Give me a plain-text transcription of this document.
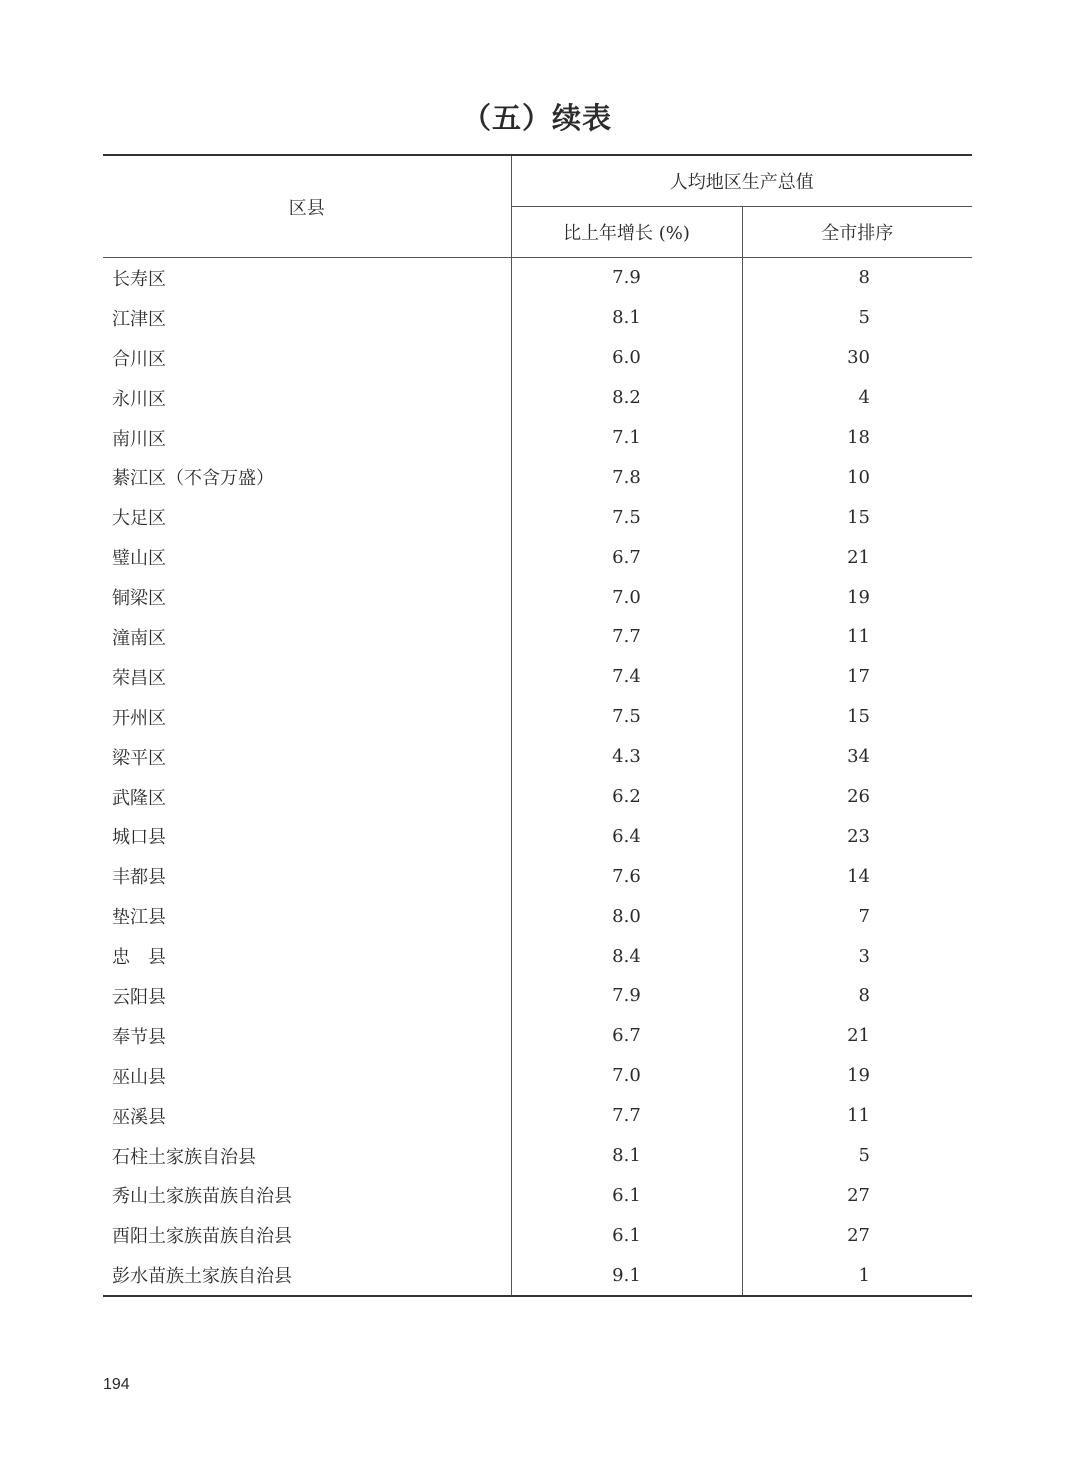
（五）续表
区县	人均地区生产总值	
	比上年增长 (%)	全市排序
长寿区	7.9	8
江津区	8.1	5
合川区	6.0	30
永川区	8.2	4
南川区	7.1	18
綦江区（不含万盛）	7.8	10
大足区	7.5	15
璧山区	6.7	21
铜梁区	7.0	19
潼南区	7.7	11
荣昌区	7.4	17
开州区	7.5	15
梁平区	4.3	34
武隆区	6.2	26
城口县	6.4	23
丰都县	7.6	14
垫江县	8.0	7
忠　县	8.4	3
云阳县	7.9	8
奉节县	6.7	21
巫山县	7.0	19
巫溪县	7.7	11
石柱土家族自治县	8.1	5
秀山土家族苗族自治县	6.1	27
酉阳土家族苗族自治县	6.1	27
彭水苗族土家族自治县	9.1	1
194
